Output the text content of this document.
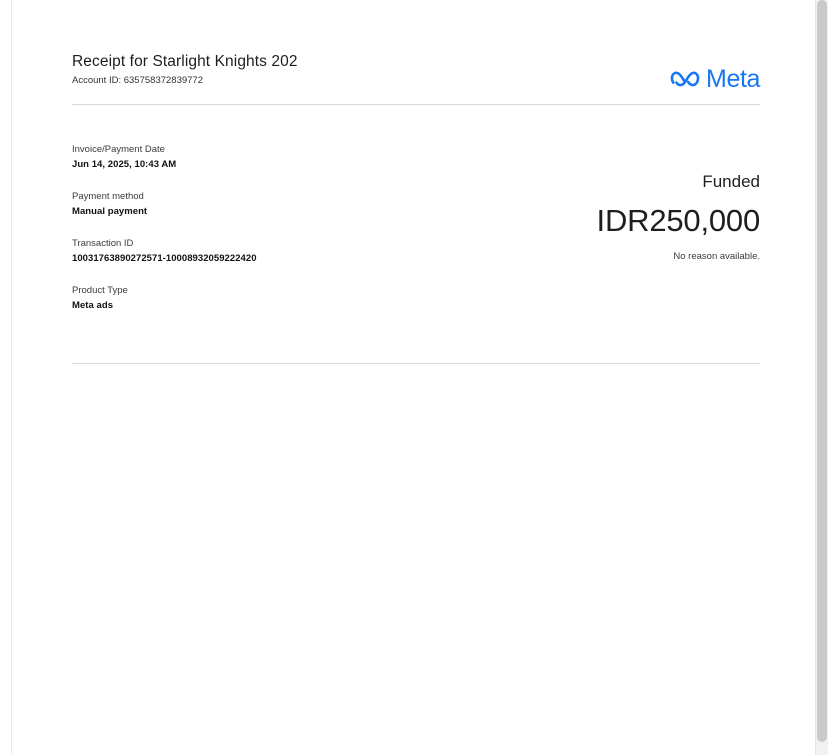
Receipt for Starlight Knights 202
Account ID: 635758372839772	Meta
Invoice/Payment Date
Jun 14, 2025, 10:43 AM
Payment method
Manual payment
Transaction ID
10031763890272571-10008932059222420
Product Type
Meta ads
Funded
IDR250,000
No reason available.
